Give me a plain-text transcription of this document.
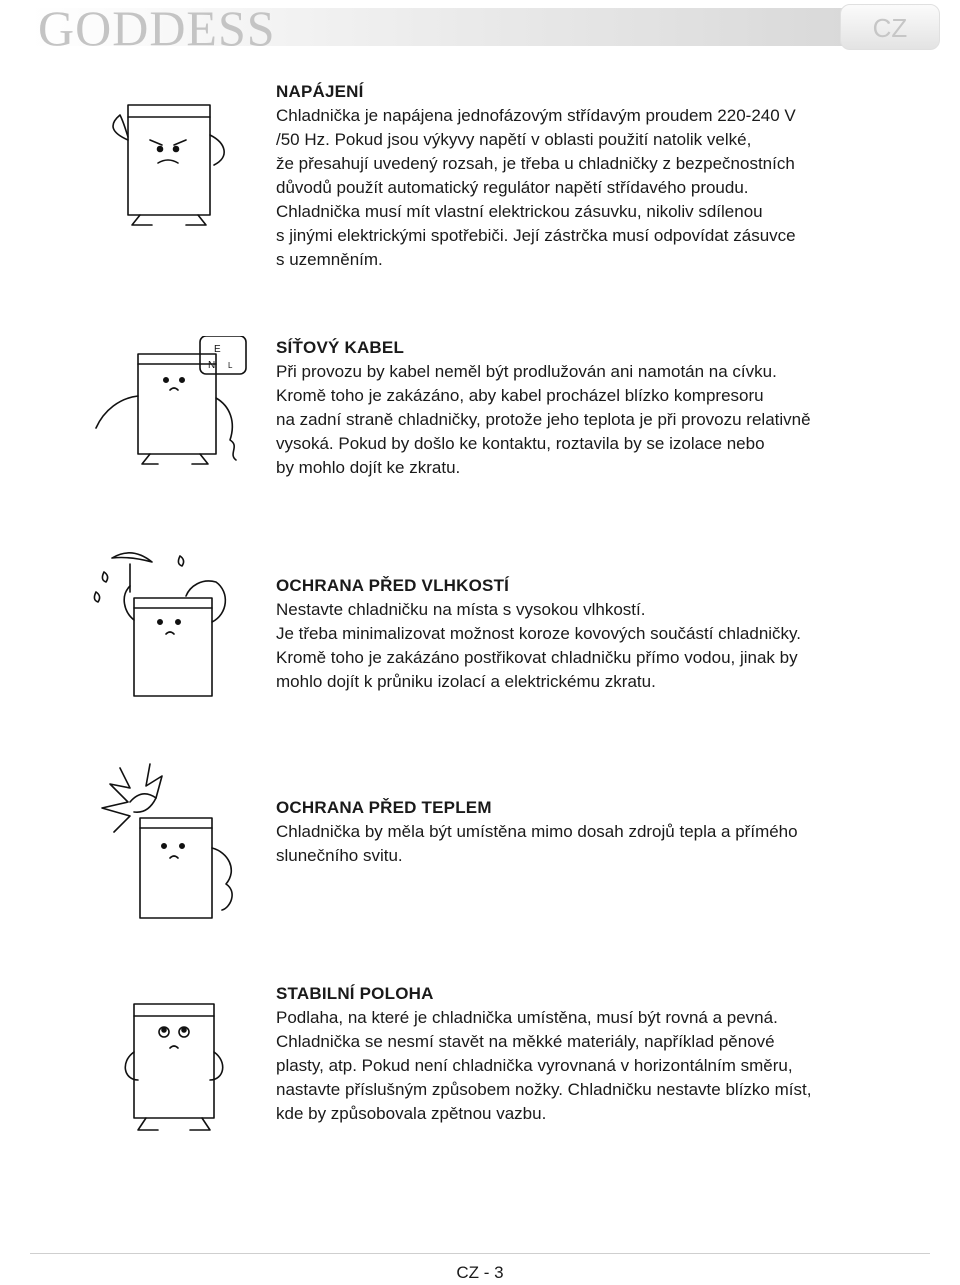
GODDESS	CZ
NAPÁJENÍ
Chladnička je napájena jednofázovým střídavým proudem 220-240 V
/50 Hz. Pokud jsou výkyvy napětí v oblasti použití natolik velké,
že přesahují uvedený rozsah, je třeba u chladničky z bezpečnostních
důvodů použít automatický regulátor napětí střídavého proudu.
Chladnička musí mít vlastní elektrickou zásuvku, nikoliv sdílenou
s jinými elektrickými spotřebiči. Její zástrčka musí odpovídat zásuvce
s uzemněním.
E
N L
SÍŤOVÝ KABEL
Při provozu by kabel neměl být prodlužován ani namotán na cívku.
Kromě toho je zakázáno, aby kabel procházel blízko kompresoru
na zadní straně chladničky, protože jeho teplota je při provozu relativně
vysoká. Pokud by došlo ke kontaktu, roztavila by se izolace nebo
by mohlo dojít ke zkratu.
OCHRANA PŘED VLHKOSTÍ
Nestavte chladničku na místa s vysokou vlhkostí.
Je třeba minimalizovat možnost koroze kovových součástí chladničky.
Kromě toho je zakázáno postřikovat chladničku přímo vodou, jinak by
mohlo dojít k průniku izolací a elektrickému zkratu.
OCHRANA PŘED TEPLEM
Chladnička by měla být umístěna mimo dosah zdrojů tepla a přímého
slunečního svitu.
STABILNÍ POLOHA
Podlaha, na které je chladnička umístěna, musí být rovná a pevná.
Chladnička se nesmí stavět na měkké materiály, například pěnové
plasty, atp. Pokud není chladnička vyrovnaná v horizontálním směru,
nastavte příslušným způsobem nožky. Chladničku nestavte blízko míst,
kde by způsobovala zpětnou vazbu.
CZ - 3
